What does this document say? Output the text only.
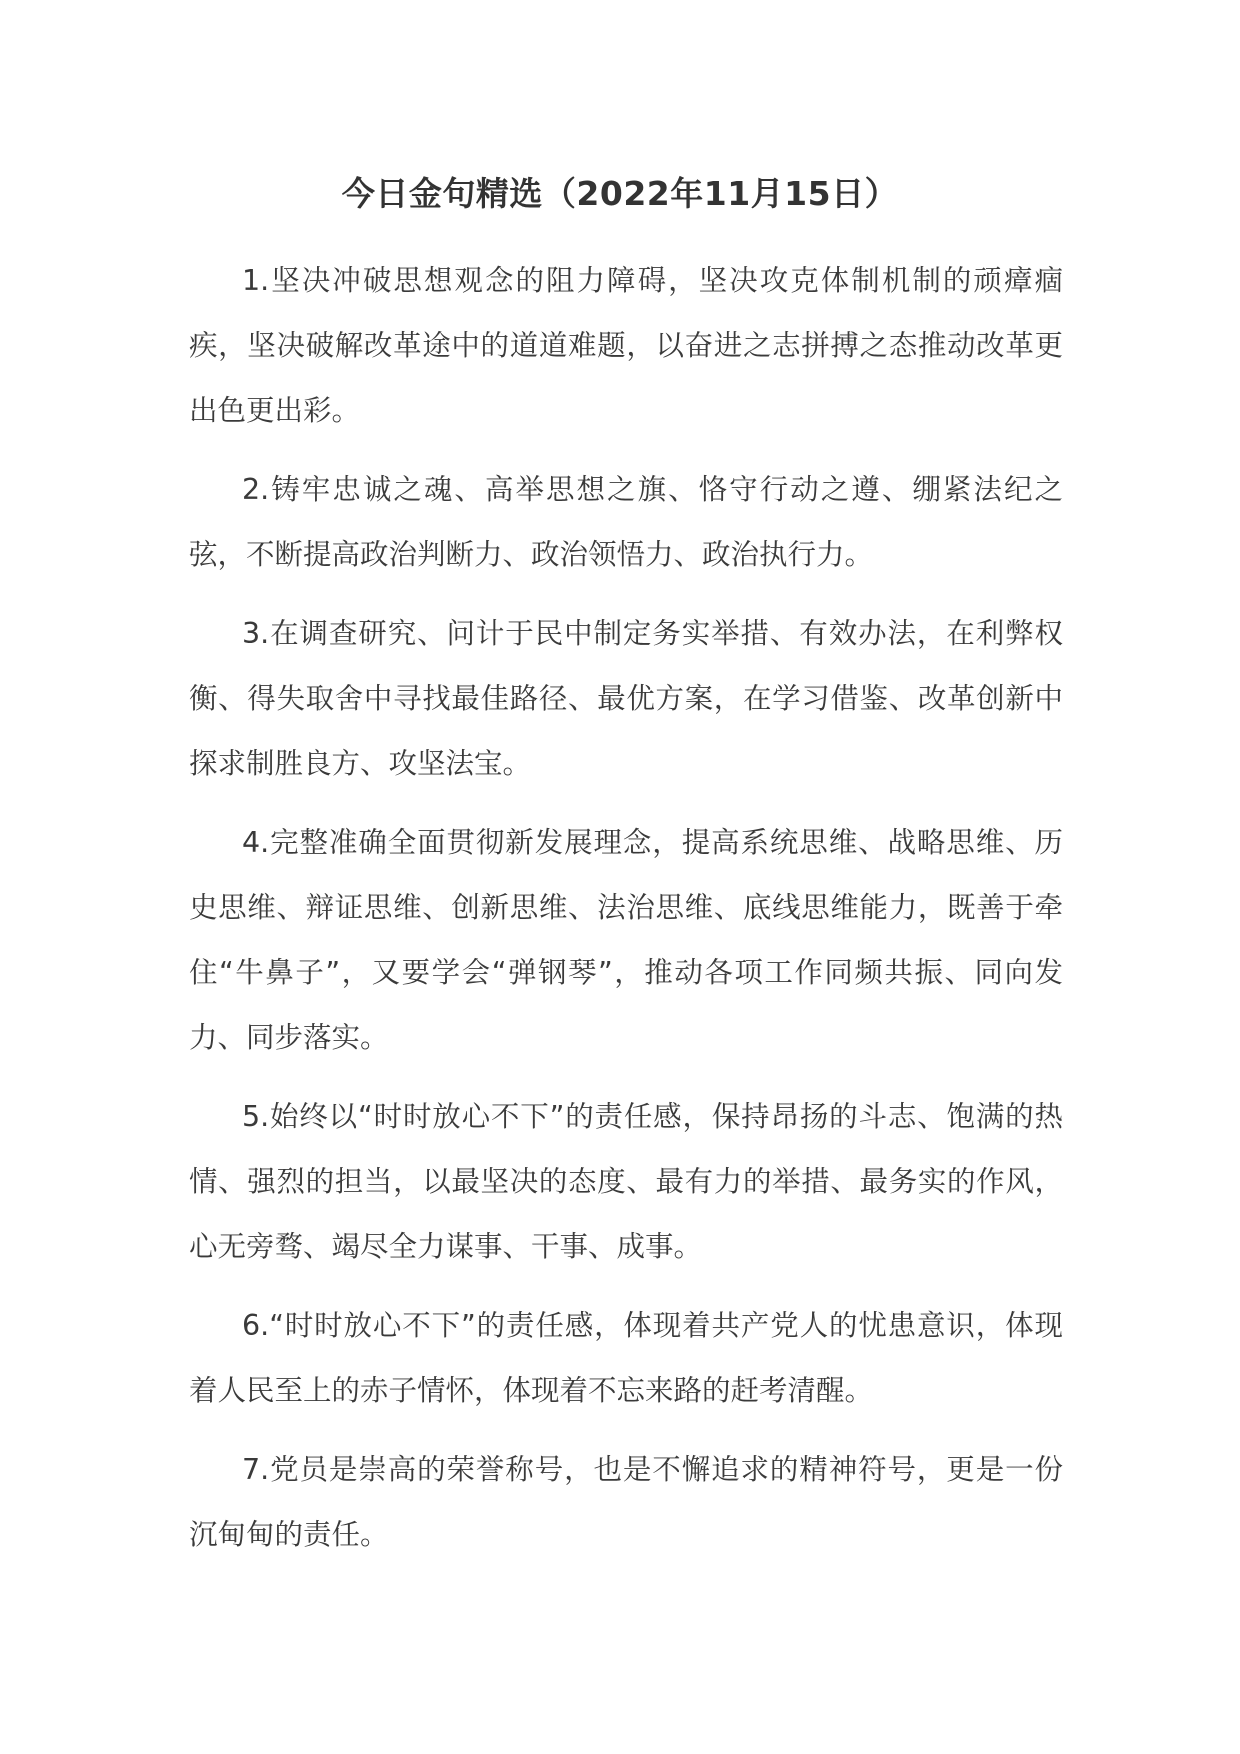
今日金句精选（2022年11月15日）

1.坚决冲破思想观念的阻力障碍，坚决攻克体制机制的顽瘴痼疾，坚决破解改革途中的道道难题，以奋进之志拼搏之态推动改革更出色更出彩。

2.铸牢忠诚之魂、高举思想之旗、恪守行动之遵、绷紧法纪之弦，不断提高政治判断力、政治领悟力、政治执行力。

3.在调查研究、问计于民中制定务实举措、有效办法，在利弊权衡、得失取舍中寻找最佳路径、最优方案，在学习借鉴、改革创新中探求制胜良方、攻坚法宝。

4.完整准确全面贯彻新发展理念，提高系统思维、战略思维、历史思维、辩证思维、创新思维、法治思维、底线思维能力，既善于牵住“牛鼻子”，又要学会“弹钢琴”，推动各项工作同频共振、同向发力、同步落实。

5.始终以“时时放心不下”的责任感，保持昂扬的斗志、饱满的热情、强烈的担当，以最坚决的态度、最有力的举措、最务实的作风，心无旁骛、竭尽全力谋事、干事、成事。

6.“时时放心不下”的责任感，体现着共产党人的忧患意识，体现着人民至上的赤子情怀，体现着不忘来路的赶考清醒。

7.党员是崇高的荣誉称号，也是不懈追求的精神符号，更是一份沉甸甸的责任。
